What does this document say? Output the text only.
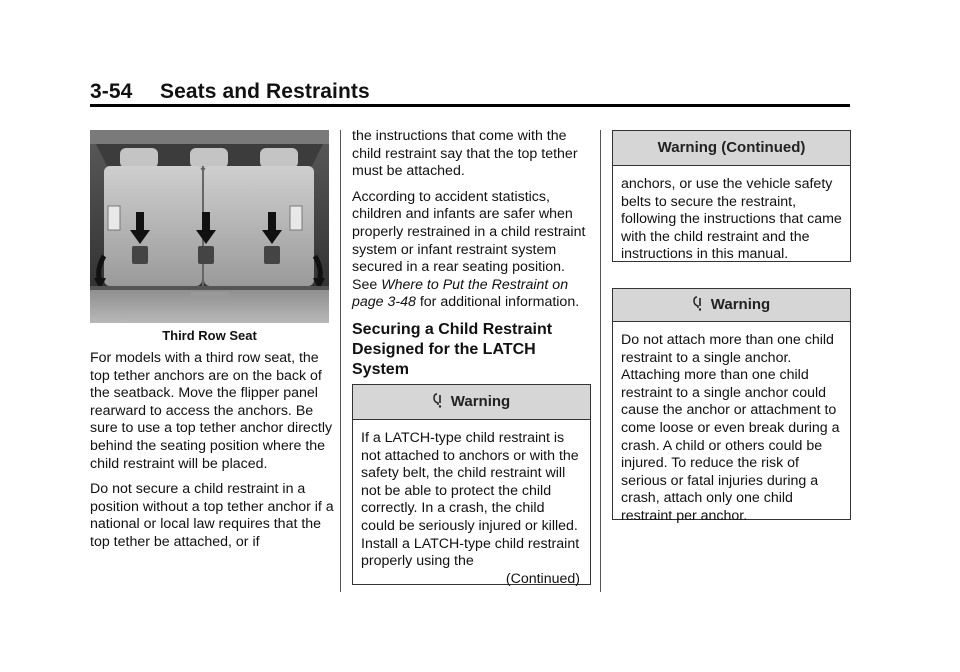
3-54 Seats and Restraints
Third Row Seat

For models with a third row seat, the top tether anchors are on the back of the seatback. Move the flipper panel rearward to access the anchors. Be sure to use a top tether anchor directly behind the seating position where the child restraint will be placed.

Do not secure a child restraint in a position without a top tether anchor if a national or local law requires that the top tether be attached, or if

the instructions that come with the child restraint say that the top tether must be attached.

According to accident statistics, children and infants are safer when properly restrained in a child restraint system or infant restraint system secured in a rear seating position. See Where to Put the Restraint on page 3-48 for additional information.

Securing a Child Restraint Designed for the LATCH System
Warning
If a LATCH-type child restraint is not attached to anchors or with the safety belt, the child restraint will not be able to protect the child correctly. In a crash, the child could be seriously injured or killed. Install a LATCH-type child restraint properly using the
(Continued)
Warning (Continued)
anchors, or use the vehicle safety belts to secure the restraint, following the instructions that came with the child restraint and the instructions in this manual.
Warning
Do not attach more than one child restraint to a single anchor. Attaching more than one child restraint to a single anchor could cause the anchor or attachment to come loose or even break during a crash. A child or others could be injured. To reduce the risk of serious or fatal injuries during a crash, attach only one child restraint per anchor.
